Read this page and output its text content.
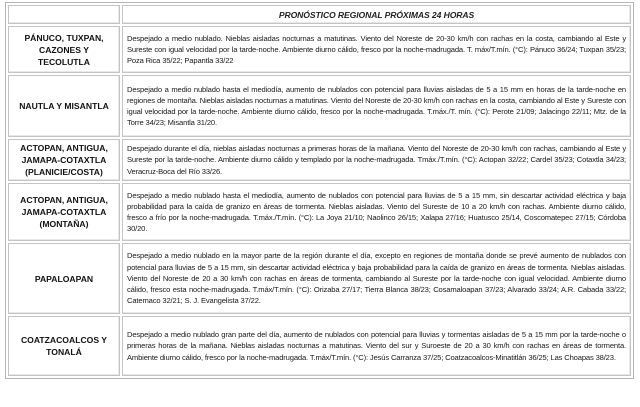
	PRONÓSTICO REGIONAL PRÓXIMAS 24 HORAS
PÁNUCO, TUXPAN, CAZONES Y TECOLUTLA	Despejado a medio nublado. Nieblas aisladas nocturnas a matutinas. Viento del Noreste de 20-30 km/h con rachas en la costa, cambiando al Este y Sureste con igual velocidad por la tarde-noche. Ambiente diurno cálido, fresco por la noche-madrugada. T. máx/T.mín. (°C): Pánuco 36/24; Tuxpan 35/23; Poza Rica 35/22; Papantla 33/22
NAUTLA Y MISANTLA	Despejado a medio nublado hasta el mediodía, aumento de nublados con potencial para lluvias aisladas de 5 a 15 mm en horas de la tarde-noche en regiones de montaña. Nieblas aisladas nocturnas a matutinas. Viento del Noreste de 20-30 km/h con rachas en la costa, cambiando al Este y Sureste con igual velocidad por la tarde-noche. Ambiente diurno cálido, fresco por la noche-madrugada. T.máx./T. mín. (°C): Perote 21/09; Jalacingo 22/11; Mtz. de la Torre 34/23; Misantla 31/20.
ACTOPAN, ANTIGUA, JAMAPA-COTAXTLA (PLANICIE/COSTA)	Despejado durante el día, nieblas aisladas nocturnas a primeras horas de la mañana. Viento del Noreste de 20-30 km/h con rachas, cambiando al Este y Sureste por la tarde-noche. Ambiente diurno cálido y templado por la noche-madrugada. Tmáx./T.mín. (°C): Actopan 32/22; Cardel 35/23; Cotaxtla 34/23; Veracruz-Boca del Río 33/26.
ACTOPAN, ANTIGUA, JAMAPA-COTAXTLA (MONTAÑA)	Despejado a medio nublado hasta el mediodía, aumento de nublados con potencial para lluvias de 5 a 15 mm, sin descartar actividad eléctrica y baja probabilidad para la caída de granizo en áreas de tormenta. Nieblas aisladas. Viento del Sureste de 10 a 20 km/h con rachas. Ambiente diurno cálido, fresco a frío por la noche-madrugada. T.máx./T.mín. (°C): La Joya 21/10; Naolinco 26/15; Xalapa 27/16; Huatusco 25/14, Coscomatepec 27/15; Córdoba 30/20.
PAPALOAPAN	Despejado a medio nublado en la mayor parte de la región durante el día, excepto en regiones de montaña donde se prevé aumento de nublados con potencial para lluvias de 5 a 15 mm, sin descartar actividad eléctrica y baja probabilidad para la caída de granizo en áreas de tormenta. Nieblas aisladas. Viento del Noreste de 20 a 30 km/h con rachas en áreas de tormenta, cambiando al Sureste por la tarde-noche con igual velocidad. Ambiente diurno cálido, fresco esta noche-madrugada. T.máx/T.mín. (°C): Orizaba 27/17; Tierra Blanca 38/23; Cosamaloapan 37/23; Alvarado 33/24; A.R. Cabada 33/22; Catemaco 32/21; S. J. Evangelista 37/22.
COATZACOALCOS Y TONALÁ	Despejado a medio nublado gran parte del día, aumento de nublados con potencial para lluvias y tormentas aisladas de 5 a 15 mm por la tarde-noche o primeras horas de la mañana. Nieblas aisladas nocturnas a matutinas. Viento del sur y Suroeste de 20 a 30 km/h con rachas en áreas de tormenta. Ambiente diurno cálido, fresco por la noche-madrugada. T.máx/T.mín. (°C): Jesús Carranza 37/25; Coatzacoalcos-Minatitlán 36/25; Las Choapas 38/23.
